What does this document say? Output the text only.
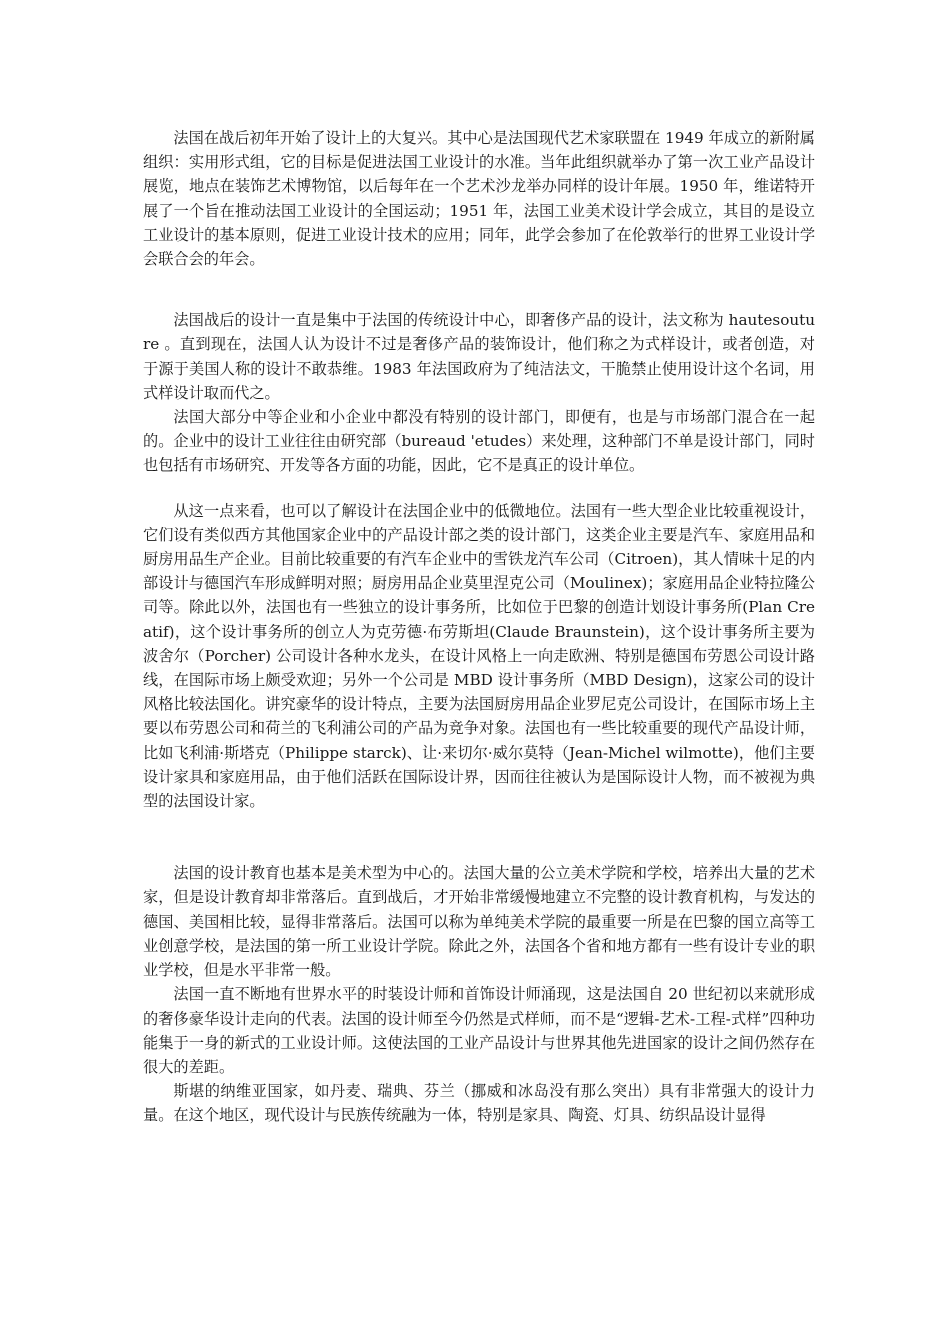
法国在战后初年开始了设计上的大复兴。其中心是法国现代艺术家联盟在 1949 年成立的新附属组织：实用形式组，它的目标是促进法国工业设计的水准。当年此组织就举办了第一次工业产品设计展览，地点在装饰艺术博物馆，以后每年在一个艺术沙龙举办同样的设计年展。1950 年，维诺特开展了一个旨在推动法国工业设计的全国运动；1951 年，法国工业美术设计学会成立，其目的是设立工业设计的基本原则，促进工业设计技术的应用；同年，此学会参加了在伦敦举行的世界工业设计学会联合会的年会。

法国战后的设计一直是集中于法国的传统设计中心，即奢侈产品的设计，法文称为 hautesouture 。直到现在，法国人认为设计不过是奢侈产品的装饰设计，他们称之为式样设计，或者创造，对于源于美国人称的设计不敢恭维。1983 年法国政府为了纯洁法文，干脆禁止使用设计这个名词，用式样设计取而代之。

法国大部分中等企业和小企业中都没有特别的设计部门，即便有，也是与市场部门混合在一起的。企业中的设计工业往往由研究部（bureaud 'etudes）来处理，这种部门不单是设计部门，同时也包括有市场研究、开发等各方面的功能，因此，它不是真正的设计单位。

从这一点来看，也可以了解设计在法国企业中的低微地位。法国有一些大型企业比较重视设计，它们设有类似西方其他国家企业中的产品设计部之类的设计部门，这类企业主要是汽车、家庭用品和厨房用品生产企业。目前比较重要的有汽车企业中的雪铁龙汽车公司（Citroen)，其人情味十足的内部设计与德国汽车形成鲜明对照；厨房用品企业莫里涅克公司（Moulinex)；家庭用品企业特拉隆公司等。除此以外，法国也有一些独立的设计事务所，比如位于巴黎的创造计划设计事务所(Plan Creatif)，这个设计事务所的创立人为克劳德·布劳斯坦(Claude Braunstein)，这个设计事务所主要为波舍尔（Porcher) 公司设计各种水龙头，在设计风格上一向走欧洲、特别是德国布劳恩公司设计路线，在国际市场上颇受欢迎；另外一个公司是 MBD 设计事务所（MBD Design)，这家公司的设计风格比较法国化。讲究豪华的设计特点，主要为法国厨房用品企业罗尼克公司设计，在国际市场上主要以布劳恩公司和荷兰的飞利浦公司的产品为竞争对象。法国也有一些比较重要的现代产品设计师，比如飞利浦·斯塔克（Philippe starck)、让·来切尔·威尔莫特（Jean-Michel wilmotte)，他们主要设计家具和家庭用品，由于他们活跃在国际设计界，因而往往被认为是国际设计人物，而不被视为典型的法国设计家。

法国的设计教育也基本是美术型为中心的。法国大量的公立美术学院和学校，培养出大量的艺术家，但是设计教育却非常落后。直到战后，才开始非常缓慢地建立不完整的设计教育机构，与发达的德国、美国相比较，显得非常落后。法国可以称为单纯美术学院的最重要一所是在巴黎的国立高等工业创意学校，是法国的第一所工业设计学院。除此之外，法国各个省和地方都有一些有设计专业的职业学校，但是水平非常一般。

法国一直不断地有世界水平的时装设计师和首饰设计师涌现，这是法国自 20 世纪初以来就形成的奢侈豪华设计走向的代表。法国的设计师至今仍然是式样师，而不是“逻辑-艺术-工程-式样”四种功能集于一身的新式的工业设计师。这使法国的工业产品设计与世界其他先进国家的设计之间仍然存在很大的差距。

斯堪的纳维亚国家，如丹麦、瑞典、芬兰（挪威和冰岛没有那么突出）具有非常强大的设计力量。在这个地区，现代设计与民族传统融为一体，特别是家具、陶瓷、灯具、纺织品设计显得
